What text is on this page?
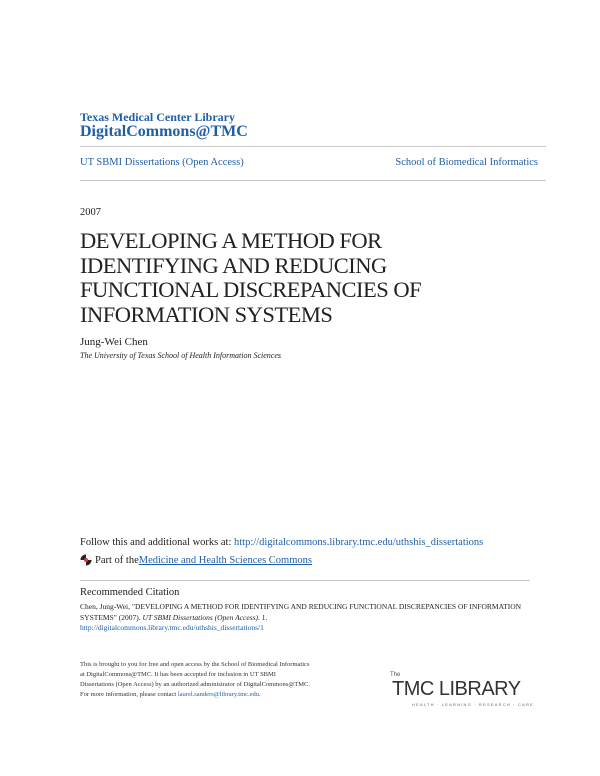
Texas Medical Center Library
DigitalCommons@TMC
UT SBMI Dissertations (Open Access)	School of Biomedical Informatics
2007
DEVELOPING A METHOD FOR IDENTIFYING AND REDUCING FUNCTIONAL DISCREPANCIES OF INFORMATION SYSTEMS
Jung-Wei Chen
The University of Texas School of Health Information Sciences
Follow this and additional works at: http://digitalcommons.library.tmc.edu/uthshis_dissertations
Part of the Medicine and Health Sciences Commons
Recommended Citation
Chen, Jung-Wei, "DEVELOPING A METHOD FOR IDENTIFYING AND REDUCING FUNCTIONAL DISCREPANCIES OF INFORMATION SYSTEMS" (2007). UT SBMI Dissertations (Open Access). 1.
http://digitalcommons.library.tmc.edu/uthshis_dissertations/1
This is brought to you for free and open access by the School of Biomedical Informatics at DigitalCommons@TMC. It has been accepted for inclusion in UT SBMI Dissertations (Open Access) by an authorized administrator of DigitalCommons@TMC. For more information, please contact laurel.sanders@library.tmc.edu.
The
TMC LIBRARY
HEALTH · LEARNING · RESEARCH · CARE
